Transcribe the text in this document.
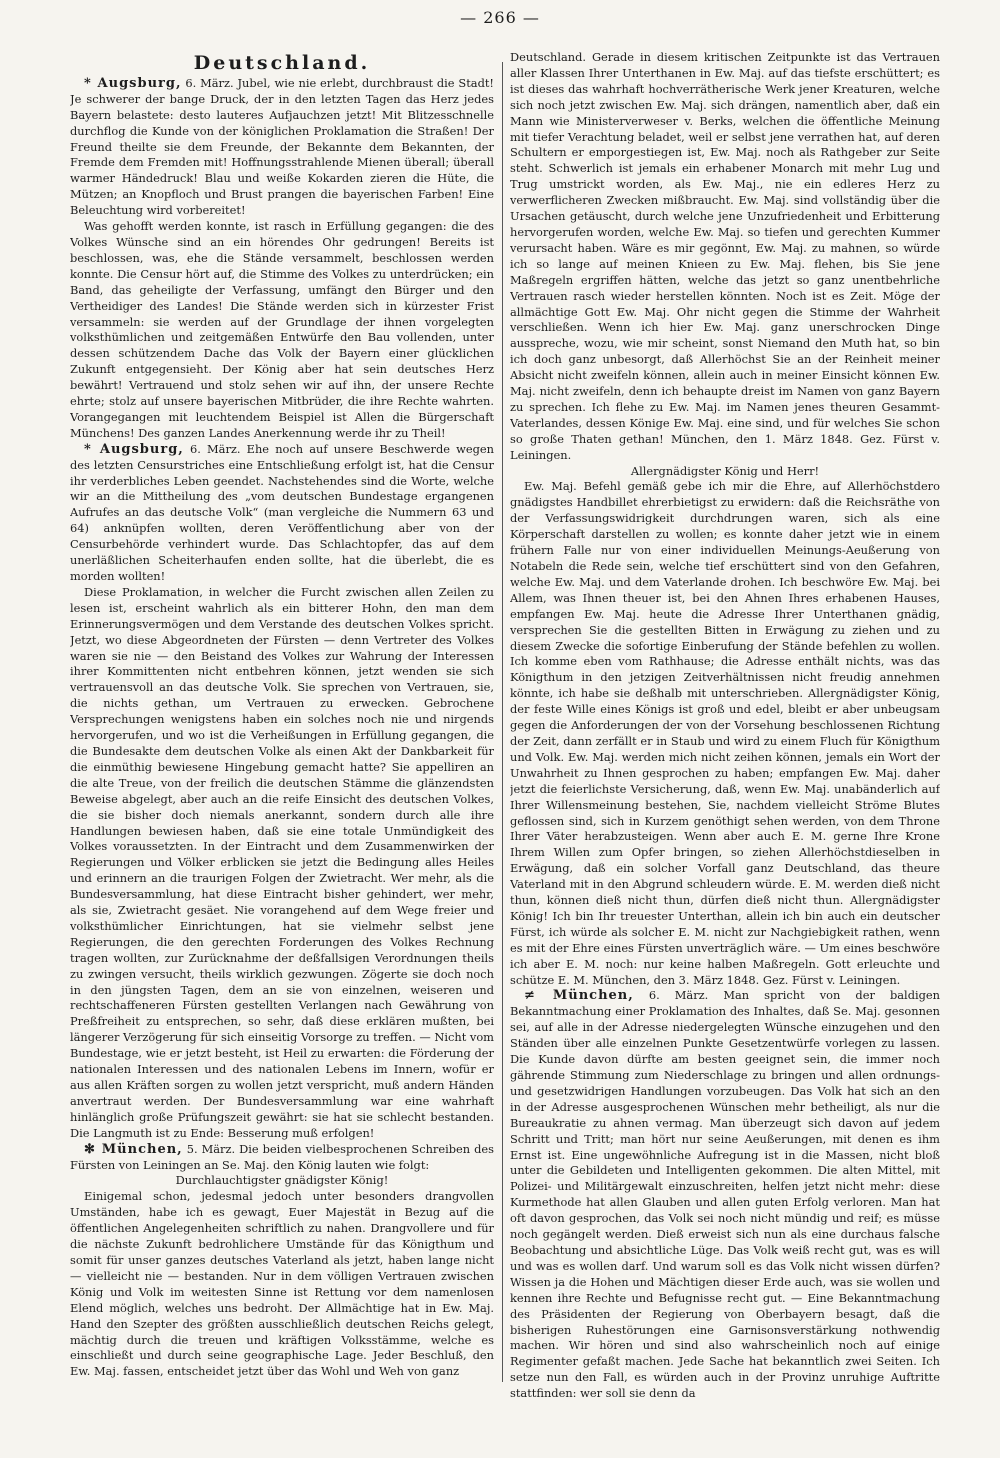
— 266 —
Deutschland.

* Augsburg, 6. März. Jubel, wie nie erlebt, durchbraust die Stadt! Je schwerer der bange Druck, der in den letzten Tagen das Herz jedes Bayern belastete: desto lauteres Aufjauchzen jetzt! Mit Blitzesschnelle durchflog die Kunde von der königlichen Proklamation die Straßen! Der Freund theilte sie dem Freunde, der Bekannte dem Bekannten, der Fremde dem Fremden mit! Hoffnungsstrahlende Mienen überall; überall warmer Händedruck! Blau und weiße Kokarden zieren die Hüte, die Mützen; an Knopfloch und Brust prangen die bayerischen Farben! Eine Beleuchtung wird vorbereitet!

Was gehofft werden konnte, ist rasch in Erfüllung gegangen: die des Volkes Wünsche sind an ein hörendes Ohr gedrungen! Bereits ist beschlossen, was, ehe die Stände versammelt, beschlossen werden konnte. Die Censur hört auf, die Stimme des Volkes zu unterdrücken; ein Band, das geheiligte der Verfassung, umfängt den Bürger und den Vertheidiger des Landes! Die Stände werden sich in kürzester Frist versammeln: sie werden auf der Grundlage der ihnen vorgelegten volksthümlichen und zeitgemäßen Entwürfe den Bau vollenden, unter dessen schützendem Dache das Volk der Bayern einer glücklichen Zukunft entgegensieht. Der König aber hat sein deutsches Herz bewährt! Vertrauend und stolz sehen wir auf ihn, der unsere Rechte ehrte; stolz auf unsere bayerischen Mitbrüder, die ihre Rechte wahrten. Vorangegangen mit leuchtendem Beispiel ist Allen die Bürgerschaft Münchens! Des ganzen Landes Anerkennung werde ihr zu Theil!

* Augsburg, 6. März. Ehe noch auf unsere Beschwerde wegen des letzten Censurstriches eine Entschließung erfolgt ist, hat die Censur ihr verderbliches Leben geendet. Nachstehendes sind die Worte, welche wir an die Mittheilung des „vom deutschen Bundestage ergangenen Aufrufes an das deutsche Volk“ (man vergleiche die Nummern 63 und 64) anknüpfen wollten, deren Veröffentlichung aber von der Censurbehörde verhindert wurde. Das Schlachtopfer, das auf dem unerläßlichen Scheiterhaufen enden sollte, hat die überlebt, die es morden wollten!

Diese Proklamation, in welcher die Furcht zwischen allen Zeilen zu lesen ist, erscheint wahrlich als ein bitterer Hohn, den man dem Erinnerungsvermögen und dem Verstande des deutschen Volkes spricht. Jetzt, wo diese Abgeordneten der Fürsten — denn Vertreter des Volkes waren sie nie — den Beistand des Volkes zur Wahrung der Interessen ihrer Kommittenten nicht entbehren können, jetzt wenden sie sich vertrauensvoll an das deutsche Volk. Sie sprechen von Vertrauen, sie, die nichts gethan, um Vertrauen zu erwecken. Gebrochene Versprechungen wenigstens haben ein solches noch nie und nirgends hervorgerufen, und wo ist die Verheißungen in Erfüllung gegangen, die die Bundesakte dem deutschen Volke als einen Akt der Dankbarkeit für die einmüthig bewiesene Hingebung gemacht hatte? Sie appelliren an die alte Treue, von der freilich die deutschen Stämme die glänzendsten Beweise abgelegt, aber auch an die reife Einsicht des deutschen Volkes, die sie bisher doch niemals anerkannt, sondern durch alle ihre Handlungen bewiesen haben, daß sie eine totale Unmündigkeit des Volkes voraussetzten. In der Eintracht und dem Zusammenwirken der Regierungen und Völker erblicken sie jetzt die Bedingung alles Heiles und erinnern an die traurigen Folgen der Zwietracht. Wer mehr, als die Bundesversammlung, hat diese Eintracht bisher gehindert, wer mehr, als sie, Zwietracht gesäet. Nie vorangehend auf dem Wege freier und volksthümlicher Einrichtungen, hat sie vielmehr selbst jene Regierungen, die den gerechten Forderungen des Volkes Rechnung tragen wollten, zur Zurücknahme der deßfallsigen Verordnungen theils zu zwingen versucht, theils wirklich gezwungen. Zögerte sie doch noch in den jüngsten Tagen, dem an sie von einzelnen, weiseren und rechtschaffeneren Fürsten gestellten Verlangen nach Gewährung von Preßfreiheit zu entsprechen, so sehr, daß diese erklären mußten, bei längerer Verzögerung für sich einseitig Vorsorge zu treffen. — Nicht vom Bundestage, wie er jetzt besteht, ist Heil zu erwarten: die Förderung der nationalen Interessen und des nationalen Lebens im Innern, wofür er aus allen Kräften sorgen zu wollen jetzt verspricht, muß andern Händen anvertraut werden. Der Bundesversammlung war eine wahrhaft hinlänglich große Prüfungszeit gewährt: sie hat sie schlecht bestanden. Die Langmuth ist zu Ende: Besserung muß erfolgen!

✻ München, 5. März. Die beiden vielbesprochenen Schreiben des Fürsten von Leiningen an Se. Maj. den König lauten wie folgt:

Durchlauchtigster gnädigster König!

Einigemal schon, jedesmal jedoch unter besonders drangvollen Umständen, habe ich es gewagt, Euer Majestät in Bezug auf die öffentlichen Angelegenheiten schriftlich zu nahen. Drangvollere und für die nächste Zukunft bedrohlichere Umstände für das Königthum und somit für unser ganzes deutsches Vaterland als jetzt, haben lange nicht — vielleicht nie — bestanden. Nur in dem völligen Vertrauen zwischen König und Volk im weitesten Sinne ist Rettung vor dem namenlosen Elend möglich, welches uns bedroht. Der Allmächtige hat in Ew. Maj. Hand den Szepter des größten ausschließlich deutschen Reichs gelegt, mächtig durch die treuen und kräftigen Volksstämme, welche es einschließt und durch seine geographische Lage. Jeder Beschluß, den Ew. Maj. fassen, entscheidet jetzt über das Wohl und Weh von ganz

Deutschland. Gerade in diesem kritischen Zeitpunkte ist das Vertrauen aller Klassen Ihrer Unterthanen in Ew. Maj. auf das tiefste erschüttert; es ist dieses das wahrhaft hochverrätherische Werk jener Kreaturen, welche sich noch jetzt zwischen Ew. Maj. sich drängen, namentlich aber, daß ein Mann wie Ministerverweser v. Berks, welchen die öffentliche Meinung mit tiefer Verachtung beladet, weil er selbst jene verrathen hat, auf deren Schultern er emporgestiegen ist, Ew. Maj. noch als Rathgeber zur Seite steht. Schwerlich ist jemals ein erhabener Monarch mit mehr Lug und Trug umstrickt worden, als Ew. Maj., nie ein edleres Herz zu verwerflicheren Zwecken mißbraucht. Ew. Maj. sind vollständig über die Ursachen getäuscht, durch welche jene Unzufriedenheit und Erbitterung hervorgerufen worden, welche Ew. Maj. so tiefen und gerechten Kummer verursacht haben. Wäre es mir gegönnt, Ew. Maj. zu mahnen, so würde ich so lange auf meinen Knieen zu Ew. Maj. flehen, bis Sie jene Maßregeln ergriffen hätten, welche das jetzt so ganz unentbehrliche Vertrauen rasch wieder herstellen könnten. Noch ist es Zeit. Möge der allmächtige Gott Ew. Maj. Ohr nicht gegen die Stimme der Wahrheit verschließen. Wenn ich hier Ew. Maj. ganz unerschrocken Dinge ausspreche, wozu, wie mir scheint, sonst Niemand den Muth hat, so bin ich doch ganz unbesorgt, daß Allerhöchst Sie an der Reinheit meiner Absicht nicht zweifeln können, allein auch in meiner Einsicht können Ew. Maj. nicht zweifeln, denn ich behaupte dreist im Namen von ganz Bayern zu sprechen. Ich flehe zu Ew. Maj. im Namen jenes theuren Gesammt-Vaterlandes, dessen Könige Ew. Maj. eine sind, und für welches Sie schon so große Thaten gethan! München, den 1. März 1848. Gez. Fürst v. Leiningen.

Allergnädigster König und Herr!

Ew. Maj. Befehl gemäß gebe ich mir die Ehre, auf Allerhöchstdero gnädigstes Handbillet ehrerbietigst zu erwidern: daß die Reichsräthe von der Verfassungswidrigkeit durchdrungen waren, sich als eine Körperschaft darstellen zu wollen; es konnte daher jetzt wie in einem frühern Falle nur von einer individuellen Meinungs-Aeußerung von Notabeln die Rede sein, welche tief erschüttert sind von den Gefahren, welche Ew. Maj. und dem Vaterlande drohen. Ich beschwöre Ew. Maj. bei Allem, was Ihnen theuer ist, bei den Ahnen Ihres erhabenen Hauses, empfangen Ew. Maj. heute die Adresse Ihrer Unterthanen gnädig, versprechen Sie die gestellten Bitten in Erwägung zu ziehen und zu diesem Zwecke die sofortige Einberufung der Stände befehlen zu wollen. Ich komme eben vom Rathhause; die Adresse enthält nichts, was das Königthum in den jetzigen Zeitverhältnissen nicht freudig annehmen könnte, ich habe sie deßhalb mit unterschrieben. Allergnädigster König, der feste Wille eines Königs ist groß und edel, bleibt er aber unbeugsam gegen die Anforderungen der von der Vorsehung beschlossenen Richtung der Zeit, dann zerfällt er in Staub und wird zu einem Fluch für Königthum und Volk. Ew. Maj. werden mich nicht zeihen können, jemals ein Wort der Unwahrheit zu Ihnen gesprochen zu haben; empfangen Ew. Maj. daher jetzt die feierlichste Versicherung, daß, wenn Ew. Maj. unabänderlich auf Ihrer Willensmeinung bestehen, Sie, nachdem vielleicht Ströme Blutes geflossen sind, sich in Kurzem genöthigt sehen werden, von dem Throne Ihrer Väter herabzusteigen. Wenn aber auch E. M. gerne Ihre Krone Ihrem Willen zum Opfer bringen, so ziehen Allerhöchstdieselben in Erwägung, daß ein solcher Vorfall ganz Deutschland, das theure Vaterland mit in den Abgrund schleudern würde. E. M. werden dieß nicht thun, können dieß nicht thun, dürfen dieß nicht thun. Allergnädigster König! Ich bin Ihr treuester Unterthan, allein ich bin auch ein deutscher Fürst, ich würde als solcher E. M. nicht zur Nachgiebigkeit rathen, wenn es mit der Ehre eines Fürsten unverträglich wäre. — Um eines beschwöre ich aber E. M. noch: nur keine halben Maßregeln. Gott erleuchte und schütze E. M. München, den 3. März 1848. Gez. Fürst v. Leiningen.

≠ München, 6. März. Man spricht von der baldigen Bekanntmachung einer Proklamation des Inhaltes, daß Se. Maj. gesonnen sei, auf alle in der Adresse niedergelegten Wünsche einzugehen und den Ständen über alle einzelnen Punkte Gesetzentwürfe vorlegen zu lassen. Die Kunde davon dürfte am besten geeignet sein, die immer noch gährende Stimmung zum Niederschlage zu bringen und allen ordnungs- und gesetzwidrigen Handlungen vorzubeugen. Das Volk hat sich an den in der Adresse ausgesprochenen Wünschen mehr betheiligt, als nur die Bureaukratie zu ahnen vermag. Man überzeugt sich davon auf jedem Schritt und Tritt; man hört nur seine Aeußerungen, mit denen es ihm Ernst ist. Eine ungewöhnliche Aufregung ist in die Massen, nicht bloß unter die Gebildeten und Intelligenten gekommen. Die alten Mittel, mit Polizei- und Militärgewalt einzuschreiten, helfen jetzt nicht mehr: diese Kurmethode hat allen Glauben und allen guten Erfolg verloren. Man hat oft davon gesprochen, das Volk sei noch nicht mündig und reif; es müsse noch gegängelt werden. Dieß erweist sich nun als eine durchaus falsche Beobachtung und absichtliche Lüge. Das Volk weiß recht gut, was es will und was es wollen darf. Und warum soll es das Volk nicht wissen dürfen? Wissen ja die Hohen und Mächtigen dieser Erde auch, was sie wollen und kennen ihre Rechte und Befugnisse recht gut. — Eine Bekanntmachung des Präsidenten der Regierung von Oberbayern besagt, daß die bisherigen Ruhestörungen eine Garnisonsverstärkung nothwendig machen. Wir hören und sind also wahrscheinlich noch auf einige Regimenter gefaßt machen. Jede Sache hat bekanntlich zwei Seiten. Ich setze nun den Fall, es würden auch in der Provinz unruhige Auftritte stattfinden: wer soll sie denn da
